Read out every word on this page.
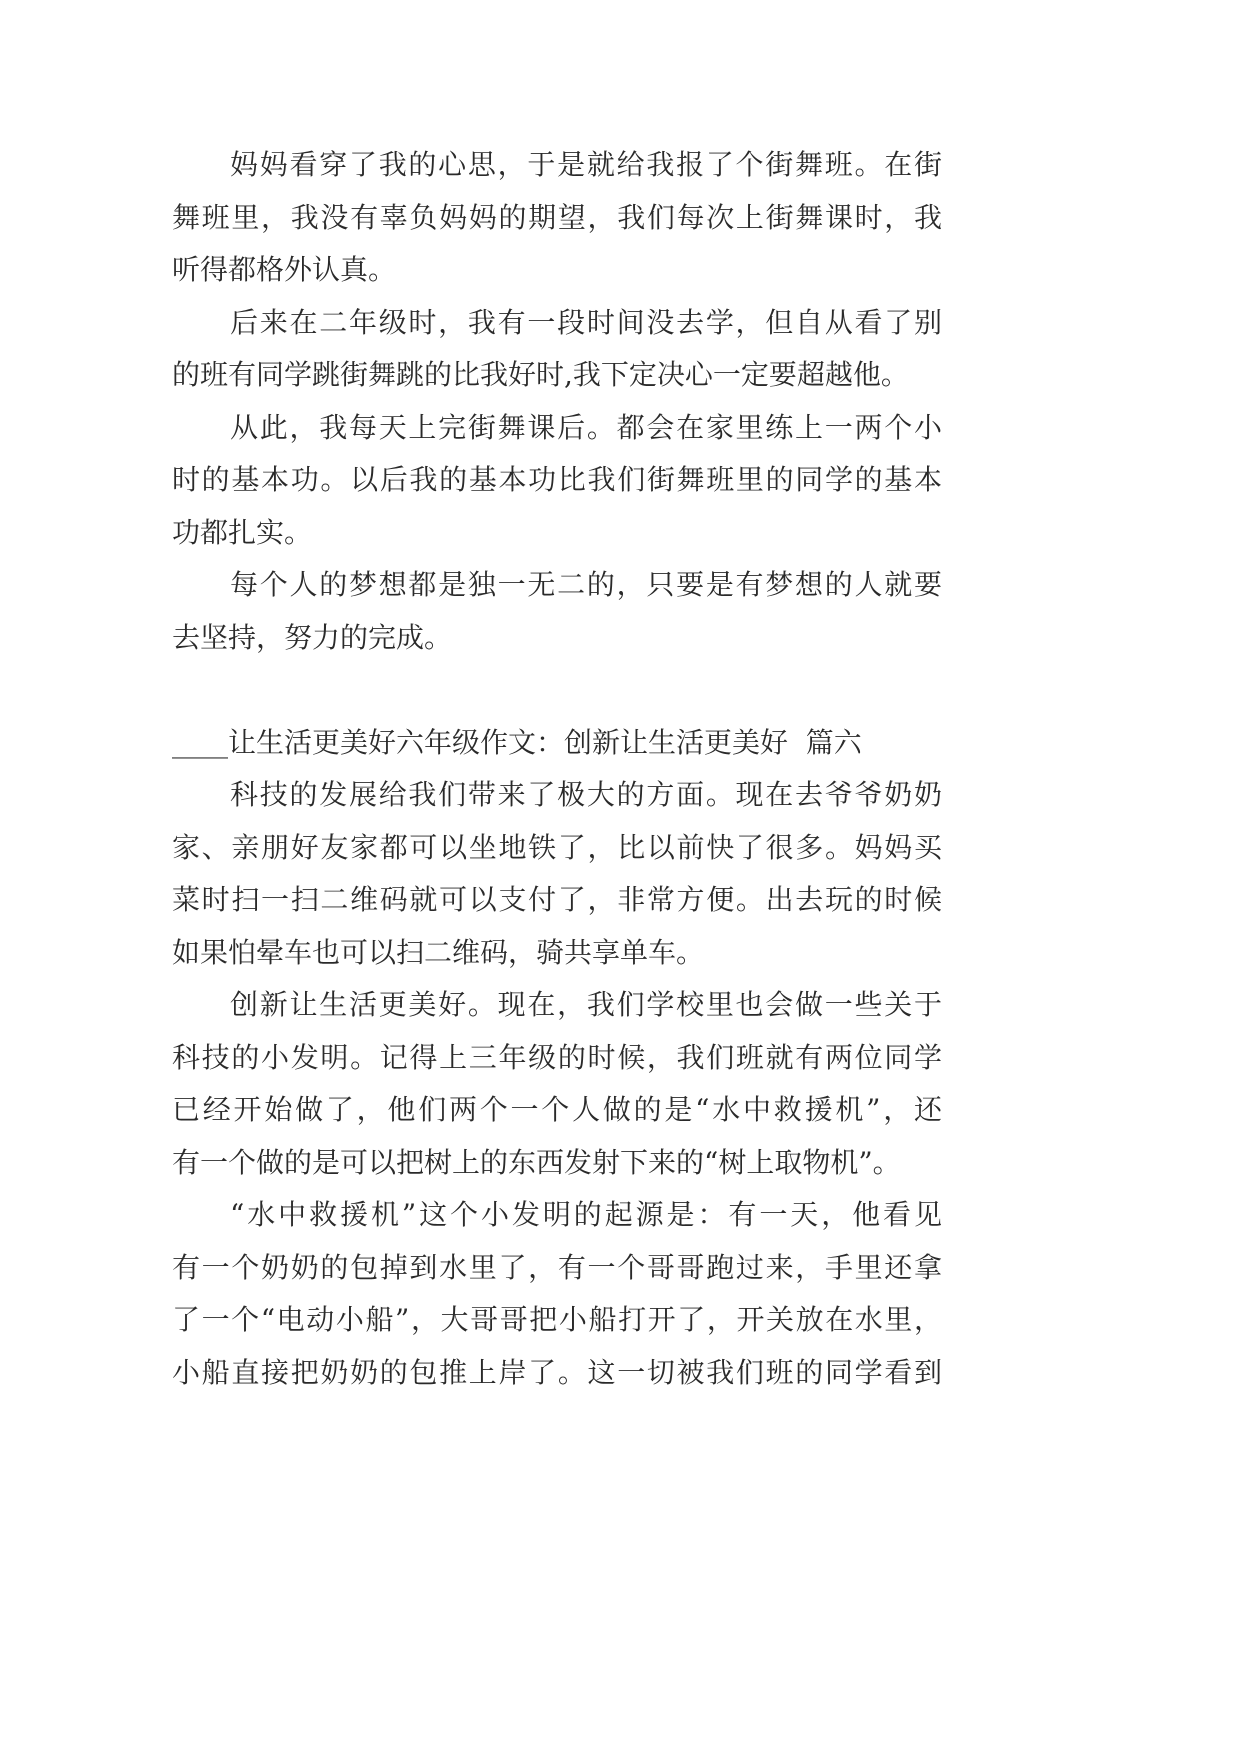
妈妈看穿了我的心思，于是就给我报了个街舞班。在街
舞班里，我没有辜负妈妈的期望，我们每次上街舞课时，我
听得都格外认真。
后来在二年级时，我有一段时间没去学，但自从看了别
的班有同学跳街舞跳的比我好时,我下定决心一定要超越他。
从此，我每天上完街舞课后。都会在家里练上一两个小
时的基本功。以后我的基本功比我们街舞班里的同学的基本
功都扎实。
每个人的梦想都是独一无二的，只要是有梦想的人就要
去坚持，努力的完成。
____让生活更美好六年级作文：创新让生活更美好  篇六
科技的发展给我们带来了极大的方面。现在去爷爷奶奶
家、亲朋好友家都可以坐地铁了，比以前快了很多。妈妈买
菜时扫一扫二维码就可以支付了，非常方便。出去玩的时候
如果怕晕车也可以扫二维码，骑共享单车。
创新让生活更美好。现在，我们学校里也会做一些关于
科技的小发明。记得上三年级的时候，我们班就有两位同学
已经开始做了，他们两个一个人做的是“水中救援机”，还
有一个做的是可以把树上的东西发射下来的“树上取物机”。
“水中救援机”这个小发明的起源是：有一天，他看见
有一个奶奶的包掉到水里了，有一个哥哥跑过来，手里还拿
了一个“电动小船”，大哥哥把小船打开了，开关放在水里，
小船直接把奶奶的包推上岸了。这一切被我们班的同学看到
